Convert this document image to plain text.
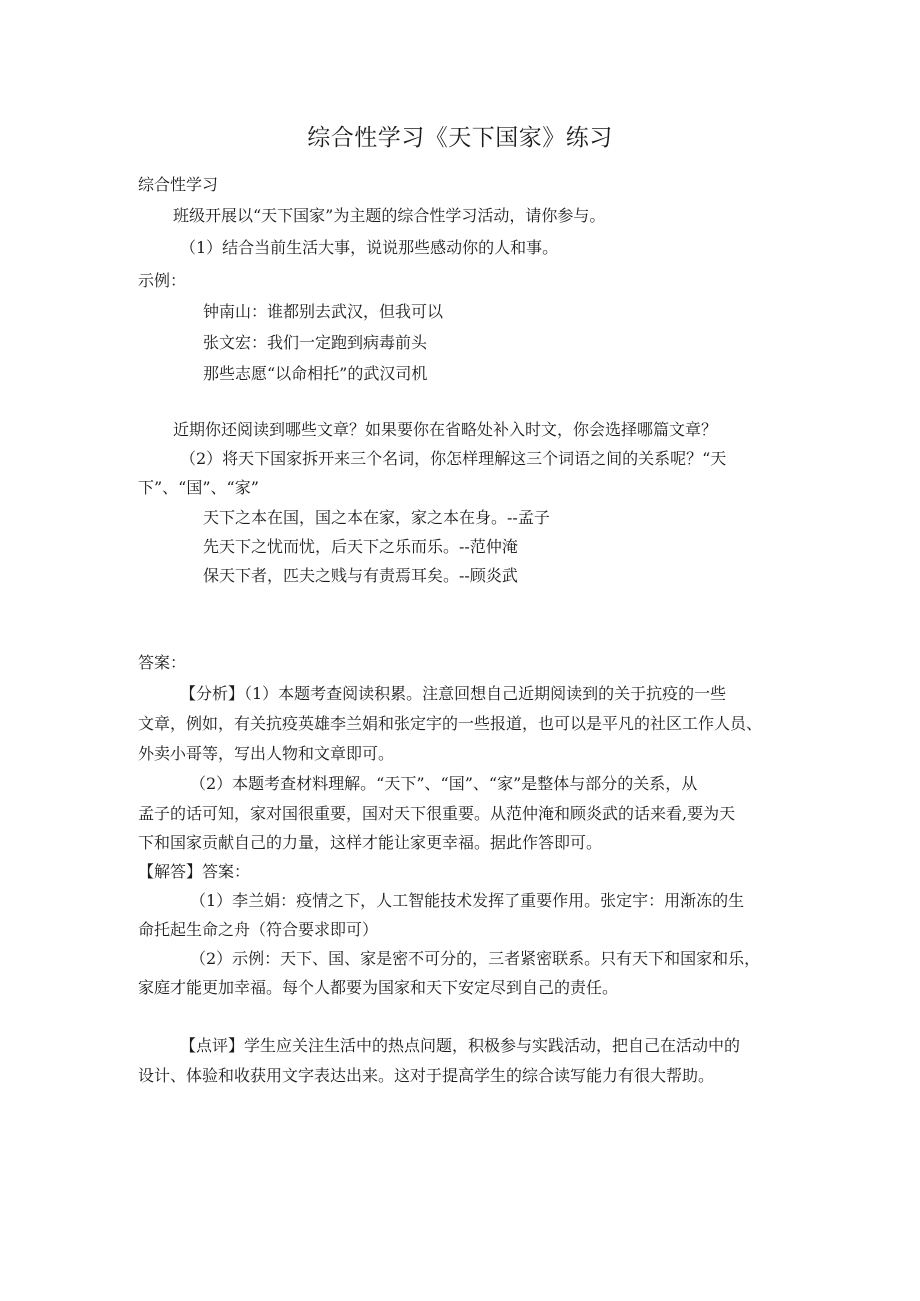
综合性学习《天下国家》练习
综合性学习
班级开展以“天下国家”为主题的综合性学习活动，请你参与。
（1）结合当前生活大事，说说那些感动你的人和事。
示例：
钟南山：谁都别去武汉，但我可以
张文宏：我们一定跑到病毒前头
那些志愿“以命相托”的武汉司机
近期你还阅读到哪些文章？如果要你在省略处补入时文，你会选择哪篇文章？
（2）将天下国家拆开来三个名词，你怎样理解这三个词语之间的关系呢？“天
下”、“国”、“家”
天下之本在国，国之本在家，家之本在身。--孟子
先天下之忧而忧，后天下之乐而乐。--范仲淹
保天下者，匹夫之贱与有责焉耳矣。--顾炎武
答案：
【分析】（1）本题考查阅读积累。注意回想自己近期阅读到的关于抗疫的一些
文章，例如，有关抗疫英雄李兰娟和张定宇的一些报道，也可以是平凡的社区工作人员、
外卖小哥等，写出人物和文章即可。
（2）本题考查材料理解。“天下”、“国”、“家”是整体与部分的关系，从
孟子的话可知，家对国很重要，国对天下很重要。从范仲淹和顾炎武的话来看,要为天
下和国家贡献自己的力量，这样才能让家更幸福。据此作答即可。
【解答】答案：
（1）李兰娟：疫情之下，人工智能技术发挥了重要作用。张定宇：用渐冻的生
命托起生命之舟（符合要求即可）
（2）示例：天下、国、家是密不可分的，三者紧密联系。只有天下和国家和乐，
家庭才能更加幸福。每个人都要为国家和天下安定尽到自己的责任。
【点评】学生应关注生活中的热点问题，积极参与实践活动，把自己在活动中的
设计、体验和收获用文字表达出来。这对于提高学生的综合读写能力有很大帮助。
